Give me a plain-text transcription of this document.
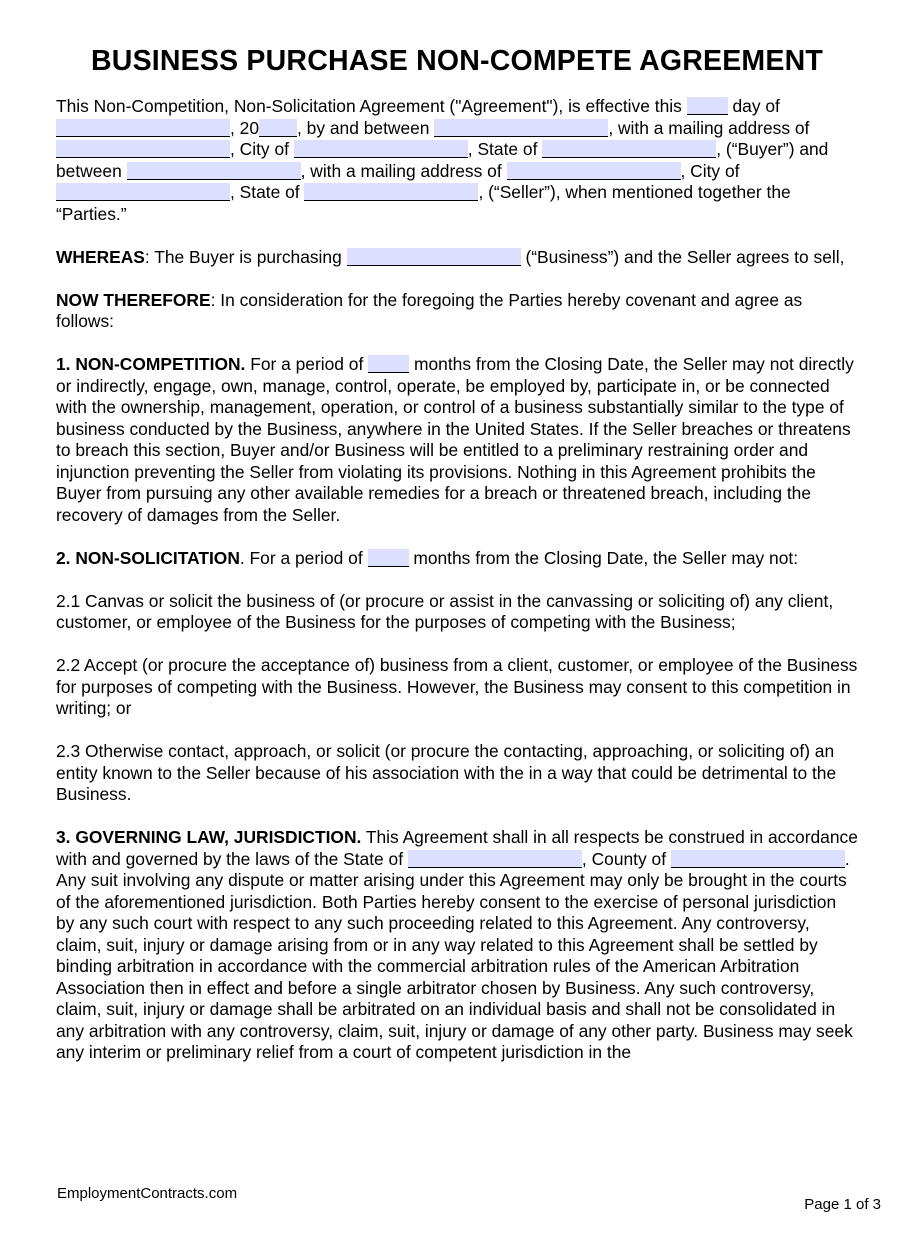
BUSINESS PURCHASE NON-COMPETE AGREEMENT

This Non-Competition, Non-Solicitation Agreement ("Agreement"), is effective this	day of , 20 , by and between	, with a mailing address of , City of	, State of	, (“Buyer”) and between	, with a mailing address of	, City of , State of	, (“Seller”), when mentioned together the “Parties.”

WHEREAS: The Buyer is purchasing	(“Business”) and the Seller agrees to sell,

NOW THEREFORE: In consideration for the foregoing the Parties hereby covenant and agree as follows:

1. NON-COMPETITION. For a period of	months from the Closing Date, the Seller may not directly or indirectly, engage, own, manage, control, operate, be employed by, participate in, or be connected with the ownership, management, operation, or control of a business substantially similar to the type of business conducted by the Business, anywhere in the United States. If the Seller breaches or threatens to breach this section, Buyer and/or Business will be entitled to a preliminary restraining order and injunction preventing the Seller from violating its provisions. Nothing in this Agreement prohibits the Buyer from pursuing any other available remedies for a breach or threatened breach, including the recovery of damages from the Seller.

2. NON-SOLICITATION. For a period of	months from the Closing Date, the Seller may not:

2.1 Canvas or solicit the business of (or procure or assist in the canvassing or soliciting of) any client, customer, or employee of the Business for the purposes of competing with the Business;

2.2 Accept (or procure the acceptance of) business from a client, customer, or employee of the Business for purposes of competing with the Business. However, the Business may consent to this competition in writing; or

2.3 Otherwise contact, approach, or solicit (or procure the contacting, approaching, or soliciting of) an entity known to the Seller because of his association with the in a way that could be detrimental to the Business.

3. GOVERNING LAW, JURISDICTION. This Agreement shall in all respects be construed in accordance with and governed by the laws of the State of	, County of	. Any suit involving any dispute or matter arising under this Agreement may only be brought in the courts of the aforementioned jurisdiction. Both Parties hereby consent to the exercise of personal jurisdiction by any such court with respect to any such proceeding related to this Agreement. Any controversy, claim, suit, injury or damage arising from or in any way related to this Agreement shall be settled by binding arbitration in accordance with the commercial arbitration rules of the American Arbitration Association then in effect and before a single arbitrator chosen by Business. Any such controversy, claim, suit, injury or damage shall be arbitrated on an individual basis and shall not be consolidated in any arbitration with any controversy, claim, suit, injury or damage of any other party. Business may seek any interim or preliminary relief from a court of competent jurisdiction in the

EmploymentContracts.com
Page 1 of 3
